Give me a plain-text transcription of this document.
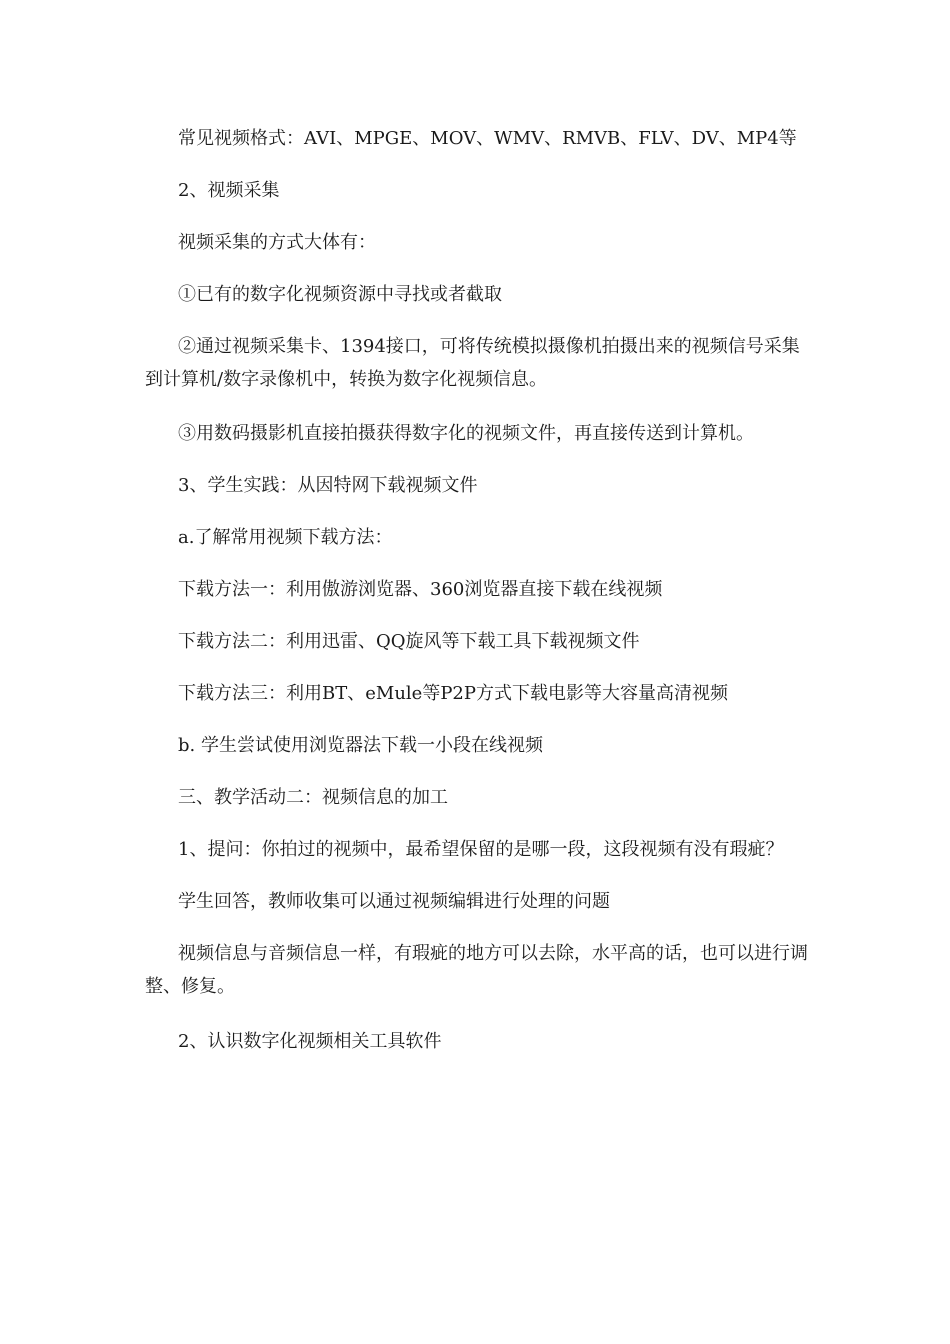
常见视频格式：AVI、MPGE、MOV、WMV、RMVB、FLV、DV、MP4等

2、视频采集

视频采集的方式大体有：

①已有的数字化视频资源中寻找或者截取

②通过视频采集卡、1394接口，可将传统模拟摄像机拍摄出来的视频信号采集到计算机/数字录像机中，转换为数字化视频信息。

③用数码摄影机直接拍摄获得数字化的视频文件，再直接传送到计算机。

3、学生实践：从因特网下载视频文件

a.了解常用视频下载方法：

下载方法一：利用傲游浏览器、360浏览器直接下载在线视频

下载方法二：利用迅雷、QQ旋风等下载工具下载视频文件

下载方法三：利用BT、eMule等P2P方式下载电影等大容量高清视频

b. 学生尝试使用浏览器法下载一小段在线视频

三、教学活动二：视频信息的加工

1、提问：你拍过的视频中，最希望保留的是哪一段，这段视频有没有瑕疵？

学生回答，教师收集可以通过视频编辑进行处理的问题

视频信息与音频信息一样，有瑕疵的地方可以去除，水平高的话，也可以进行调整、修复。

2、认识数字化视频相关工具软件
